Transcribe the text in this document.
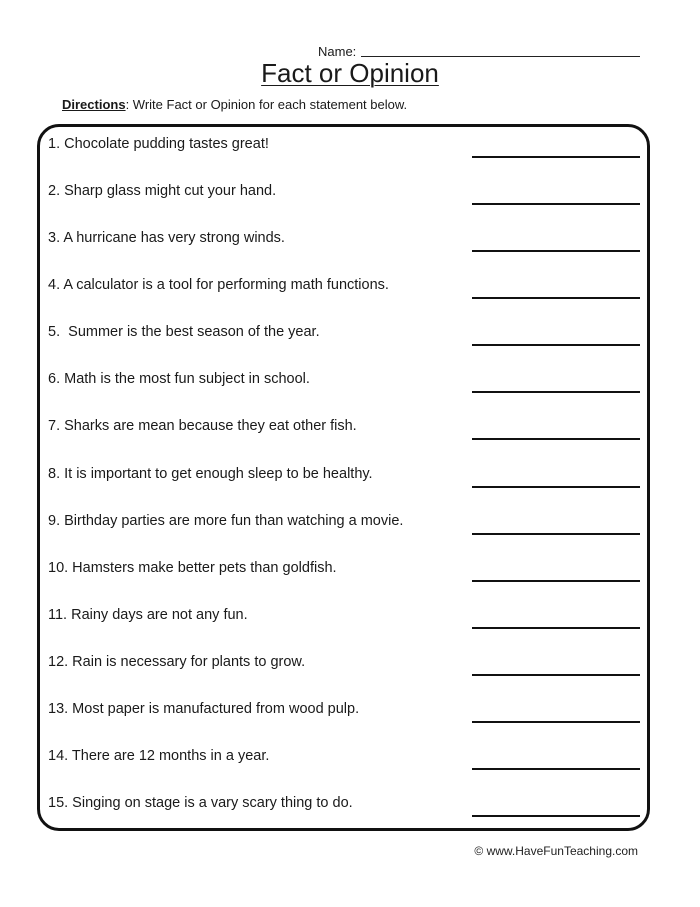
Name:
Fact or Opinion
Directions: Write Fact or Opinion for each statement below.
1. Chocolate pudding tastes great!
2. Sharp glass might cut your hand.
3. A hurricane has very strong winds.
4. A calculator is a tool for performing math functions.
5.  Summer is the best season of the year.
6. Math is the most fun subject in school.
7. Sharks are mean because they eat other fish.
8. It is important to get enough sleep to be healthy.
9. Birthday parties are more fun than watching a movie.
10. Hamsters make better pets than goldfish.
11. Rainy days are not any fun.
12. Rain is necessary for plants to grow.
13. Most paper is manufactured from wood pulp.
14. There are 12 months in a year.
15. Singing on stage is a vary scary thing to do.
© www.HaveFunTeaching.com
